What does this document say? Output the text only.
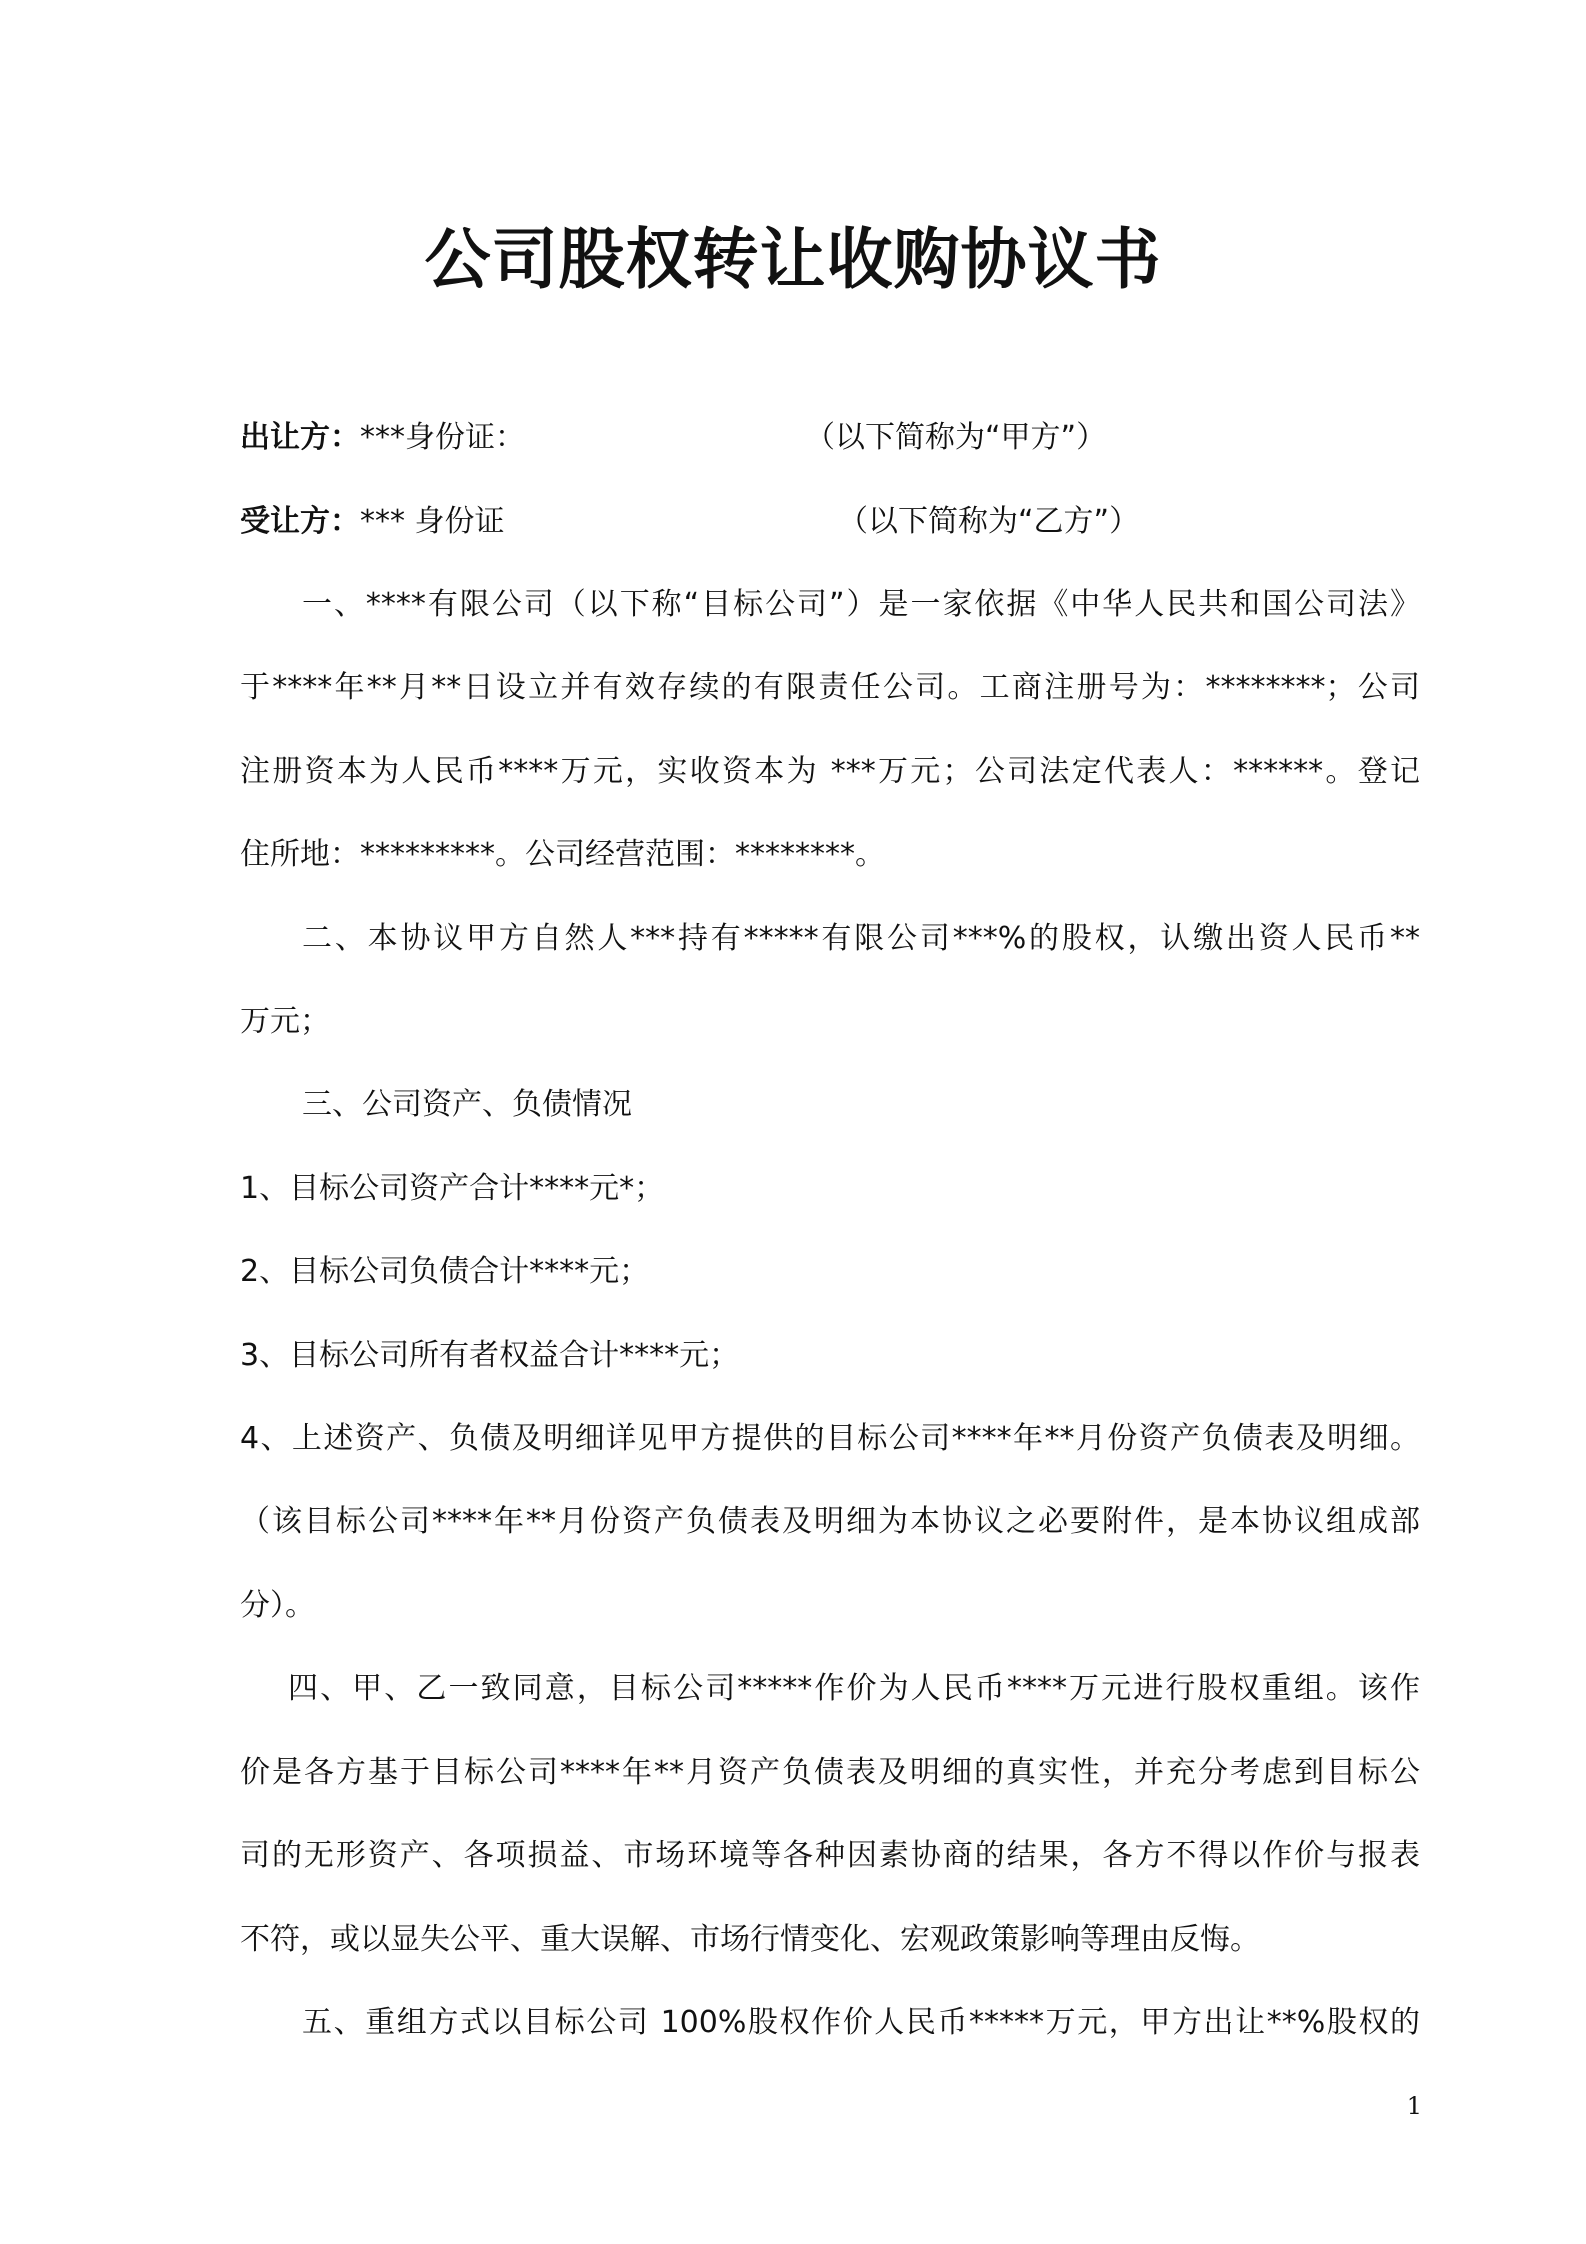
公司股权转让收购协议书
出让方：***身份证：	（以下简称为“甲方”）
受让方：*** 身份证	（以下简称为“乙方”）
一、****有限公司（以下称“目标公司”）是一家依据《中华人民共和国公司法》
于****年**月**日设立并有效存续的有限责任公司。工商注册号为：********；公司
注册资本为人民币****万元，实收资本为 ***万元；公司法定代表人：******。登记
住所地：*********。公司经营范围：********。
二、本协议甲方自然人***持有*****有限公司***%的股权，认缴出资人民币**
万元；
三、公司资产、负债情况
1、目标公司资产合计****元*；
2、目标公司负债合计****元；
3、目标公司所有者权益合计****元；
4、上述资产、负债及明细详见甲方提供的目标公司****年**月份资产负债表及明细。
（该目标公司****年**月份资产负债表及明细为本协议之必要附件，是本协议组成部
分）。
四、甲、乙一致同意，目标公司*****作价为人民币****万元进行股权重组。该作
价是各方基于目标公司****年**月资产负债表及明细的真实性，并充分考虑到目标公
司的无形资产、各项损益、市场环境等各种因素协商的结果，各方不得以作价与报表
不符，或以显失公平、重大误解、市场行情变化、宏观政策影响等理由反悔。
五、重组方式以目标公司 100%股权作价人民币*****万元，甲方出让**%股权的
1
